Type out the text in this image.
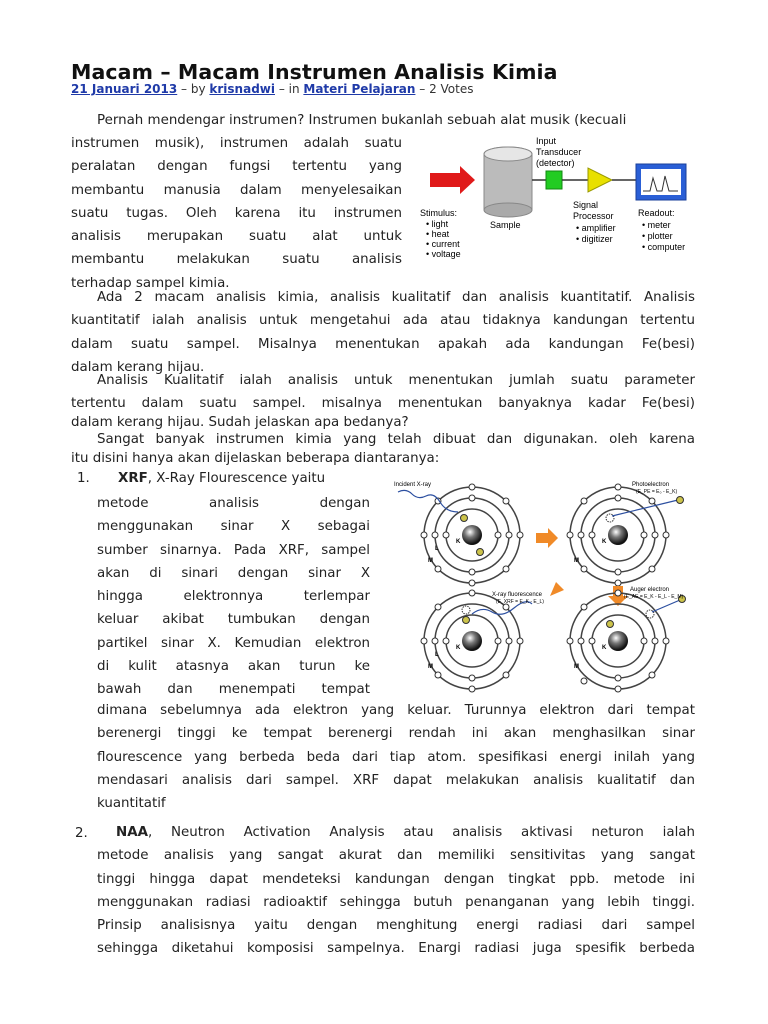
Macam – Macam Instrumen Analisis Kimia
21 Januari 2013 – by krisnadwi – in Materi Pelajaran – 2 Votes
Pernah mendengar instrumen? Instrumen bukanlah sebuah alat musik (kecuali
instrumen musik), instrumen adalah suatu
peralatan dengan fungsi tertentu yang
membantu manusia dalam menyelesaikan
suatu tugas. Oleh karena itu instrumen
analisis merupakan suatu alat untuk
membantu melakukan suatu analisis
terhadap sampel kimia.
Sample
Input
Transducer
(detector)
Signal
Processor
• amplifier
• digitizer
Readout:
• meter
• plotter
• computer
Stimulus:
• light
• heat
• current
• voltage
Ada 2 macam analisis kimia, analisis kualitatif dan analisis kuantitatif. Analisis
kuantitatif ialah analisis untuk mengetahui ada atau tidaknya kandungan tertentu
dalam suatu sampel. Misalnya menentukan apakah ada kandungan Fe(besi)
dalam kerang hijau.
Analisis Kualitatif ialah analisis untuk menentukan jumlah suatu parameter
tertentu dalam suatu sampel. misalnya menentukan banyaknya kadar Fe(besi)
dalam kerang hijau. Sudah jelaskan apa bedanya?
Sangat banyak instrumen kimia yang telah dibuat dan digunakan. oleh karena
itu disini hanya akan dijelaskan beberapa diantaranya:
1. XRF, X-Ray Flourescence yaitu
metode analisis dengan
menggunakan sinar X sebagai
sumber sinarnya. Pada XRF, sampel
akan di sinari dengan sinar X
hingga elektronnya terlempar
keluar akibat tumbukan dengan
partikel sinar X. Kemudian elektron
di kulit atasnya akan turun ke
bawah dan menempati tempat
dimana sebelumnya ada elektron yang keluar. Turunnya elektron dari tempat
berenergi tinggi ke tempat berenergi rendah ini akan menghasilkan sinar
flourescence yang berbeda beda dari tiap atom. spesifikasi energi inilah yang
mendasari analisis dari sampel. XRF dapat melakukan analisis kualitatif dan
kuantitatif
Incident X-ray
K
L
M
Photoelectron
(E_PE = E₀ - E_K)
K
M
X-ray fluorescence
(E_XRF = E_K - E_L)
K
L
M
Auger electron
(E_AE = E_K - E_L - E_M)
K
M
2.	NAA, Neutron Activation Analysis atau analisis aktivasi neturon ialah
metode analisis yang sangat akurat dan memiliki sensitivitas yang sangat
tinggi hingga dapat mendeteksi kandungan dengan tingkat ppb. metode ini
menggunakan radiasi radioaktif sehingga butuh penanganan yang lebih tinggi.
Prinsip analisisnya yaitu dengan menghitung energi radiasi dari sampel
sehingga diketahui komposisi sampelnya. Enargi radiasi juga spesifik berbeda
